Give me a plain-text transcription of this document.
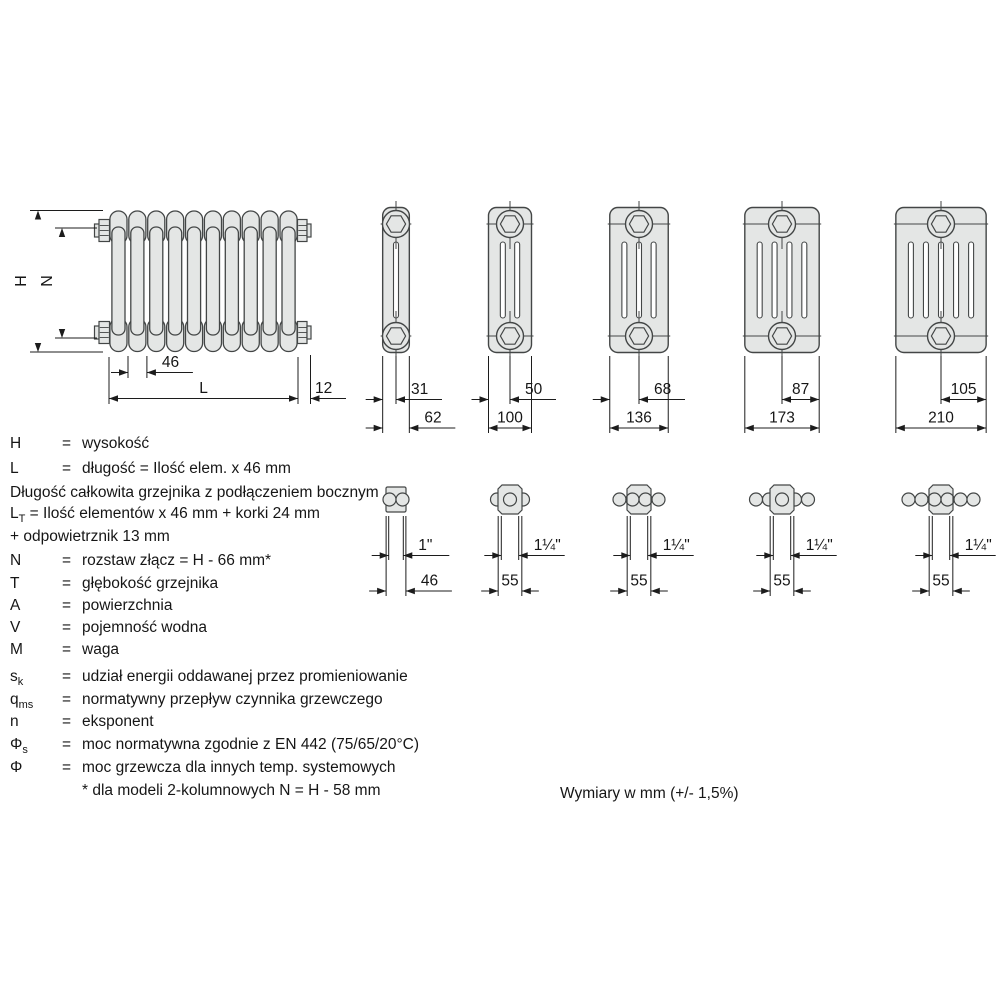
H N
46
L	12	31
62
1"
46
50
100
1¼"
55
68
136
1¼"
55
87
173
1¼"
55
105
210
1¼"
55
H	= wysokość
L	= długość = Ilość elem. x 46 mm
Długość całkowita grzejnika z podłączeniem bocznym
$L_T$ = Ilość elementów x 46 mm + korki 24 mm
+ odpowietrznik 13 mm
N	= rozstaw złącz = H - 66 mm*
T	= głębokość grzejnika
A	= powierzchnia
V	= pojemność wodna
M	= waga
$s_k$	= udział energii oddawanej przez promieniowanie
$q_{ms}$ = normatywny przepływ czynnika grzewczego
n	= eksponent
$\Phi_s$ = moc normatywna zgodnie z EN 442 (75/65/20°C)
Φ	= moc grzewcza dla innych temp. systemowych
* dla modeli 2-kolumnowych N = H - 58 mm	Wymiary w mm (+/- 1,5%)
